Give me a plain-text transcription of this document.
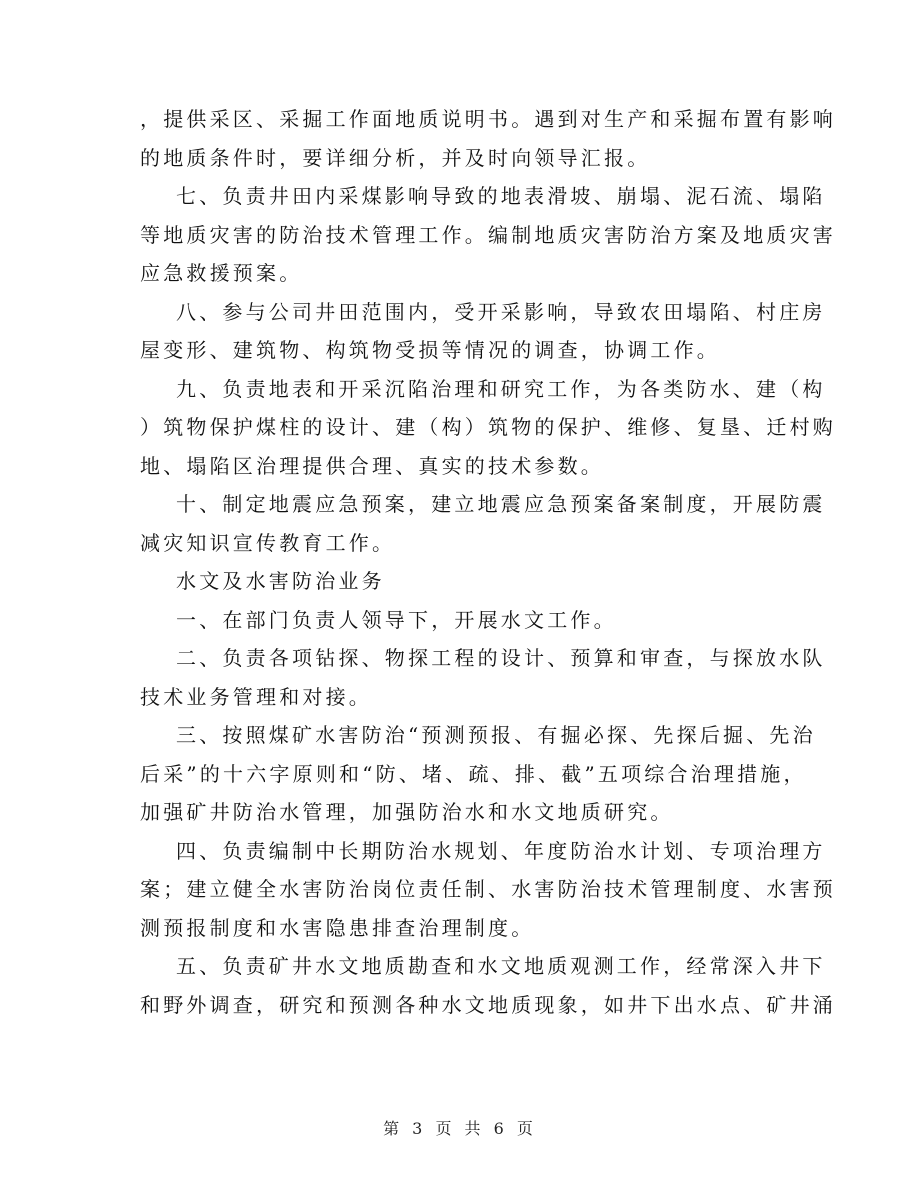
，提供采区、采掘工作面地质说明书。遇到对生产和采掘布置有影响
的地质条件时，要详细分析，并及时向领导汇报。

七、负责井田内采煤影响导致的地表滑坡、崩塌、泥石流、塌陷
等地质灾害的防治技术管理工作。编制地质灾害防治方案及地质灾害
应急救援预案。

八、参与公司井田范围内，受开采影响，导致农田塌陷、村庄房
屋变形、建筑物、构筑物受损等情况的调查，协调工作。

九、负责地表和开采沉陷治理和研究工作，为各类防水、建（构
）筑物保护煤柱的设计、建（构）筑物的保护、维修、复垦、迁村购
地、塌陷区治理提供合理、真实的技术参数。

十、制定地震应急预案，建立地震应急预案备案制度，开展防震
减灾知识宣传教育工作。

水文及水害防治业务

一、在部门负责人领导下，开展水文工作。

二、负责各项钻探、物探工程的设计、预算和审查，与探放水队
技术业务管理和对接。

三、按照煤矿水害防治“预测预报、有掘必探、先探后掘、先治
后采”的十六字原则和“防、堵、疏、排、截”五项综合治理措施，
加强矿井防治水管理，加强防治水和水文地质研究。

四、负责编制中长期防治水规划、年度防治水计划、专项治理方
案；建立健全水害防治岗位责任制、水害防治技术管理制度、水害预
测预报制度和水害隐患排查治理制度。

五、负责矿井水文地质勘查和水文地质观测工作，经常深入井下
和野外调查，研究和预测各种水文地质现象，如井下出水点、矿井涌

第 3 页 共 6 页
